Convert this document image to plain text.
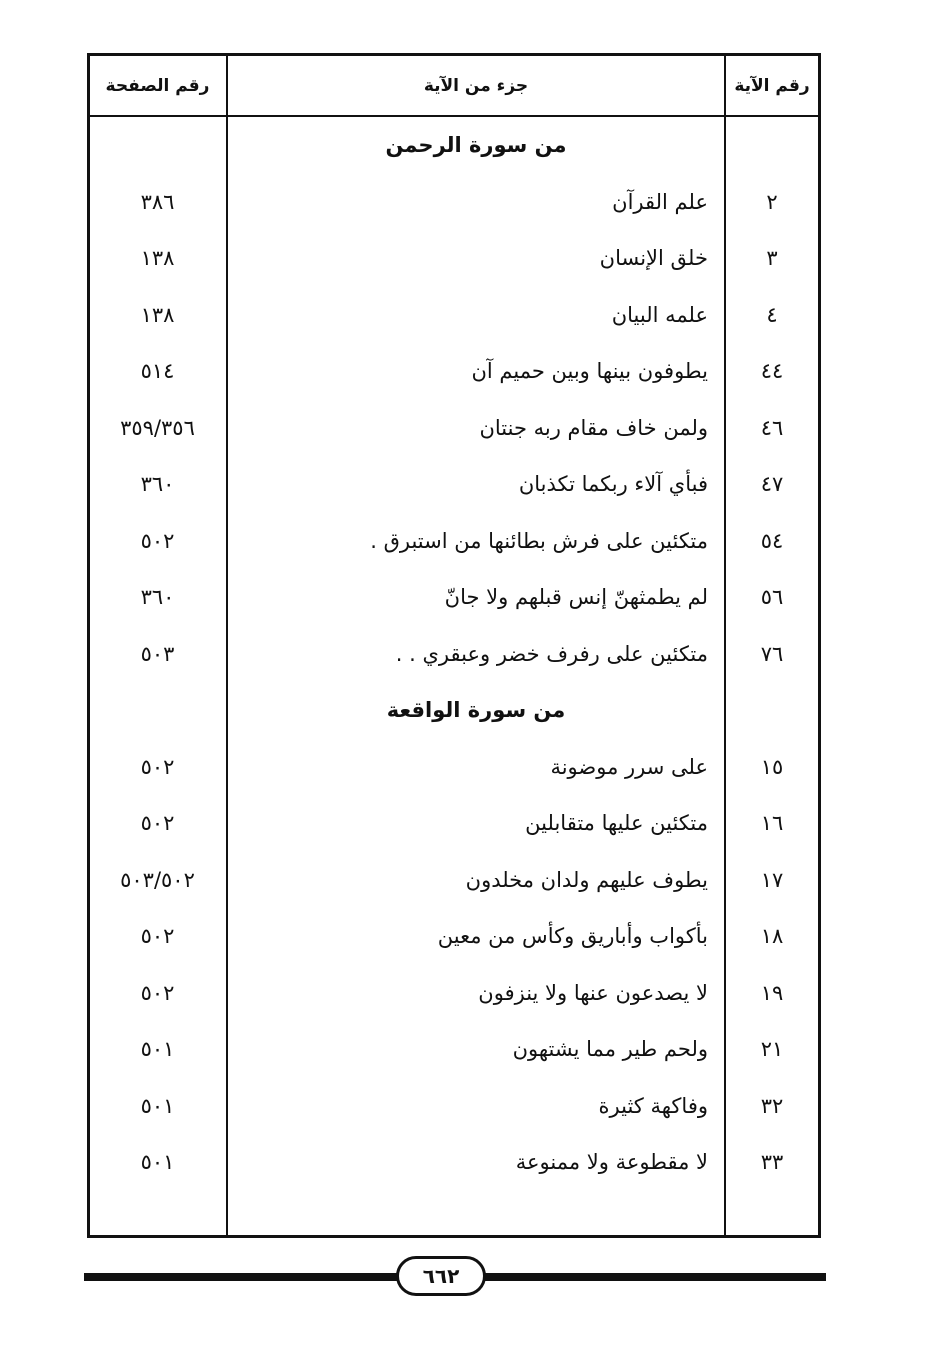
رقم الآية
جزء من الآية
رقم الصفحة
من سورة الرحمن
٢
علم القرآن
٣٨٦
٣
خلق الإنسان
١٣٨
٤
علمه البيان
١٣٨
٤٤
يطوفون بينها وبين حميم آن
٥١٤
٤٦
ولمن خاف مقام ربه جنتان
٣٥٩/٣٥٦
٤٧
فبأي آلاء ربكما تكذبان
٣٦٠
٥٤
متكئين على فرش بطائنها من استبرق .
٥٠٢
٥٦
لم يطمثهنّ إنس قبلهم ولا جانّ
٣٦٠
٧٦
متكئين على رفرف خضر وعبقري . .
٥٠٣
من سورة الواقعة
١٥
على سرر موضونة
٥٠٢
١٦
متكئين عليها متقابلين
٥٠٢
١٧
يطوف عليهم ولدان مخلدون
٥٠٣/٥٠٢
١٨
بأكواب وأباريق وكأس من معين
٥٠٢
١٩
لا يصدعون عنها ولا ينزفون
٥٠٢
٢١
ولحم طير مما يشتهون
٥٠١
٣٢
وفاكهة كثيرة
٥٠١
٣٣
لا مقطوعة ولا ممنوعة
٥٠١
٦٦٢
